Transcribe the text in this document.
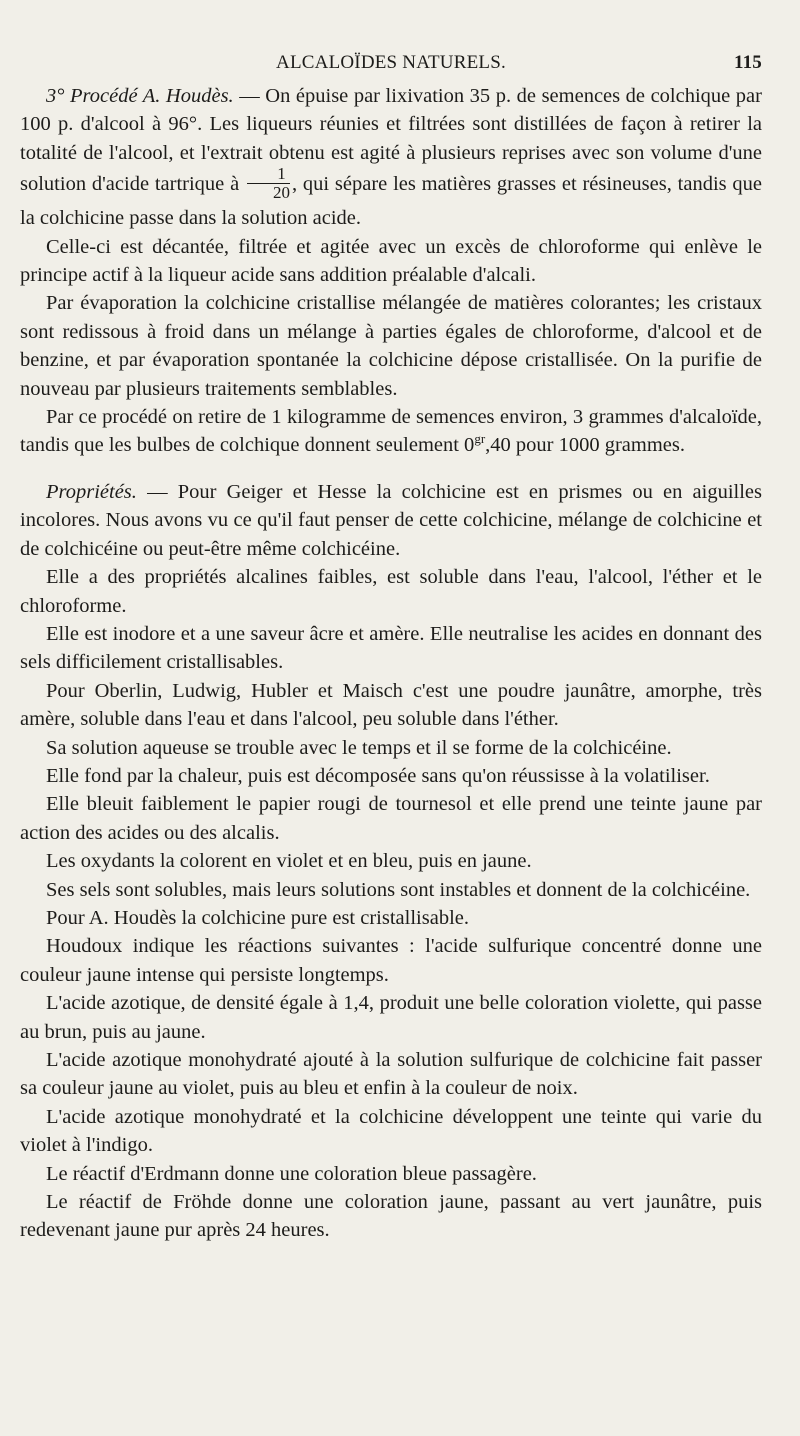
ALCALOÏDES NATURELS.	115

3° Procédé A. Houdès. — On épuise par lixivation 35 p. de semences de colchique par 100 p. d'alcool à 96°. Les liqueurs réunies et filtrées sont distillées de façon à retirer la totalité de l'alcool, et l'extrait obtenu est agité à plusieurs reprises avec son volume d'une solution d'acide tartrique à $\frac{1}{20}$ , qui sépare les matières grasses et résineuses, tandis que la colchicine passe dans la solution acide.

Celle-ci est décantée, filtrée et agitée avec un excès de chloroforme qui enlève le principe actif à la liqueur acide sans addition préalable d'alcali.

Par évaporation la colchicine cristallise mélangée de matières colorantes; les cristaux sont redissous à froid dans un mélange à parties égales de chloroforme, d'alcool et de benzine, et par évaporation spontanée la colchicine dépose cristallisée. On la purifie de nouveau par plusieurs traitements semblables.

Par ce procédé on retire de 1 kilogramme de semences environ, 3 grammes d'alcaloïde, tandis que les bulbes de colchique donnent seulement $0^{gr},40$ pour 1000 grammes.

Propriétés. — Pour Geiger et Hesse la colchicine est en prismes ou en aiguilles incolores. Nous avons vu ce qu'il faut penser de cette colchicine, mélange de colchicine et de colchicéine ou peut-être même colchicéine.

Elle a des propriétés alcalines faibles, est soluble dans l'eau, l'alcool, l'éther et le chloroforme.

Elle est inodore et a une saveur âcre et amère. Elle neutralise les acides en donnant des sels difficilement cristallisables.

Pour Oberlin, Ludwig, Hubler et Maisch c'est une poudre jaunâtre, amorphe, très amère, soluble dans l'eau et dans l'alcool, peu soluble dans l'éther.

Sa solution aqueuse se trouble avec le temps et il se forme de la colchicéine.

Elle fond par la chaleur, puis est décomposée sans qu'on réussisse à la volatiliser.

Elle bleuit faiblement le papier rougi de tournesol et elle prend une teinte jaune par action des acides ou des alcalis.

Les oxydants la colorent en violet et en bleu, puis en jaune.

Ses sels sont solubles, mais leurs solutions sont instables et donnent de la colchicéine.

Pour A. Houdès la colchicine pure est cristallisable.

Houdoux indique les réactions suivantes : l'acide sulfurique concentré donne une couleur jaune intense qui persiste longtemps.

L'acide azotique, de densité égale à 1,4, produit une belle coloration violette, qui passe au brun, puis au jaune.

L'acide azotique monohydraté ajouté à la solution sulfurique de colchicine fait passer sa couleur jaune au violet, puis au bleu et enfin à la couleur de noix.

L'acide azotique monohydraté et la colchicine développent une teinte qui varie du violet à l'indigo.

Le réactif d'Erdmann donne une coloration bleue passagère.

Le réactif de Fröhde donne une coloration jaune, passant au vert jaunâtre, puis redevenant jaune pur après 24 heures.
